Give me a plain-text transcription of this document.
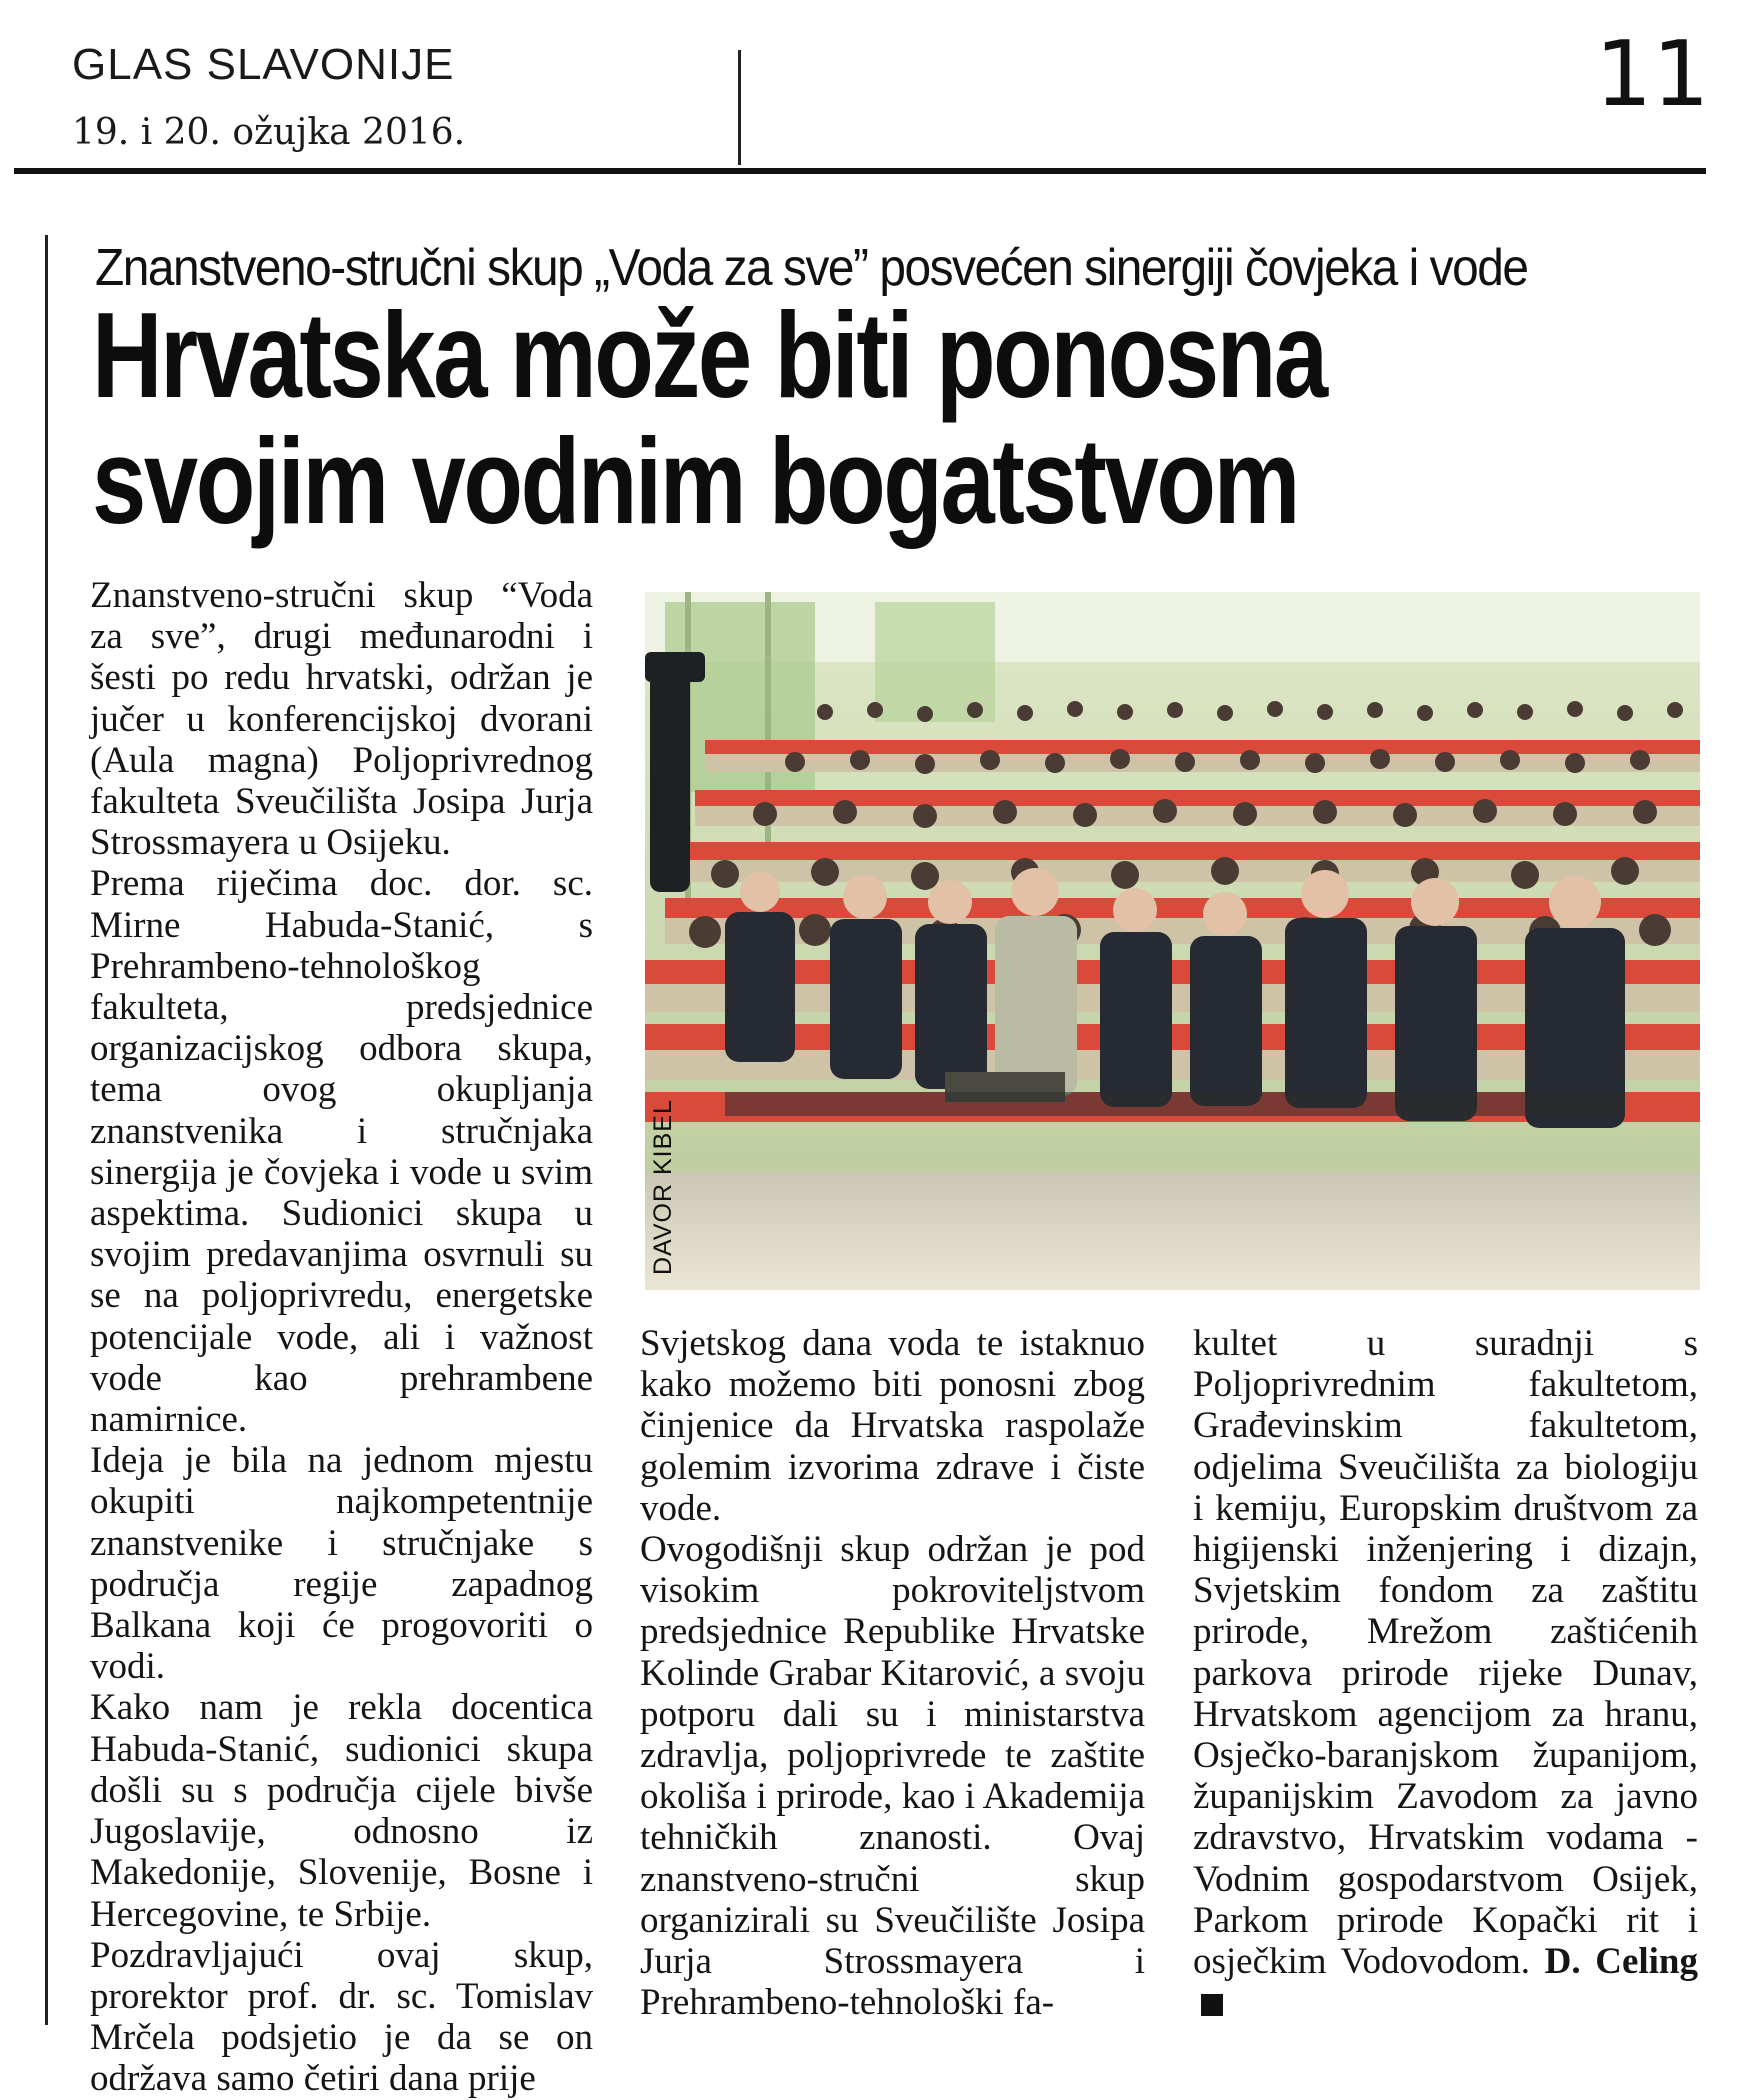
GLAS SLAVONIJE
19. i 20. ožujka 2016.
11
Znanstveno-stručni skup „Voda za sve” posvećen sinergiji čovjeka i vode
Hrvatska može biti ponosna
svojim vodnim bogatstvom

Znanstveno-stručni skup “Voda za sve”, drugi međunarodni i šesti po redu hrvatski, održan je jučer u konferencijskoj dvorani (Aula magna) Poljoprivrednog fakulteta Sveučilišta Josipa Jurja Strossmayera u Osijeku.

Prema riječima doc. dor. sc. Mirne Habuda-Stanić, s Prehrambeno-tehnološkog fakulteta, predsjednice organizacijskog odbora skupa, tema ovog okupljanja znanstvenika i stručnjaka sinergija je čovjeka i vode u svim aspektima. Sudionici skupa u svojim predavanjima osvrnuli su se na poljoprivredu, energetske potencijale vode, ali i važnost vode kao prehrambene namirnice.

Ideja je bila na jednom mjestu okupiti najkompetentnije znanstvenike i stručnjake s područja regije zapadnog Balkana koji će progovoriti o vodi.

Kako nam je rekla docentica Habuda-Stanić, sudionici skupa došli su s područja cijele bivše Jugoslavije, odnosno iz Makedonije, Slovenije, Bosne i Hercegovine, te Srbije.

Pozdravljajući ovaj skup, prorektor prof. dr. sc. Tomislav Mrčela podsjetio je da se on održava samo četiri dana prije

DAVOR KIBEL

Svjetskog dana voda te istaknuo kako možemo biti ponosni zbog činjenice da Hrvatska raspolaže golemim izvorima zdrave i čiste vode.

Ovogodišnji skup održan je pod visokim pokroviteljstvom predsjednice Republike Hrvatske Kolinde Grabar Kitarović, a svoju potporu dali su i ministarstva zdravlja, poljoprivrede te zaštite okoliša i prirode, kao i Akademija tehničkih znanosti. Ovaj znanstveno-stručni skup organizirali su Sveučilište Josipa Jurja Strossmayera i Prehrambeno-tehnološki fa-

kultet u suradnji s Poljoprivrednim fakultetom, Građevinskim fakultetom, odjelima Sveučilišta za biologiju i kemiju, Europskim društvom za higijenski inženjering i dizajn, Svjetskim fondom za zaštitu prirode, Mrežom zaštićenih parkova prirode rijeke Dunav, Hrvatskom agencijom za hranu, Osječko-baranjskom županijom, županijskim Zavodom za javno zdravstvo, Hrvatskim vodama - Vodnim gospodarstvom Osijek, Parkom prirode Kopački rit i osječkim Vodovodom. D. Celing
